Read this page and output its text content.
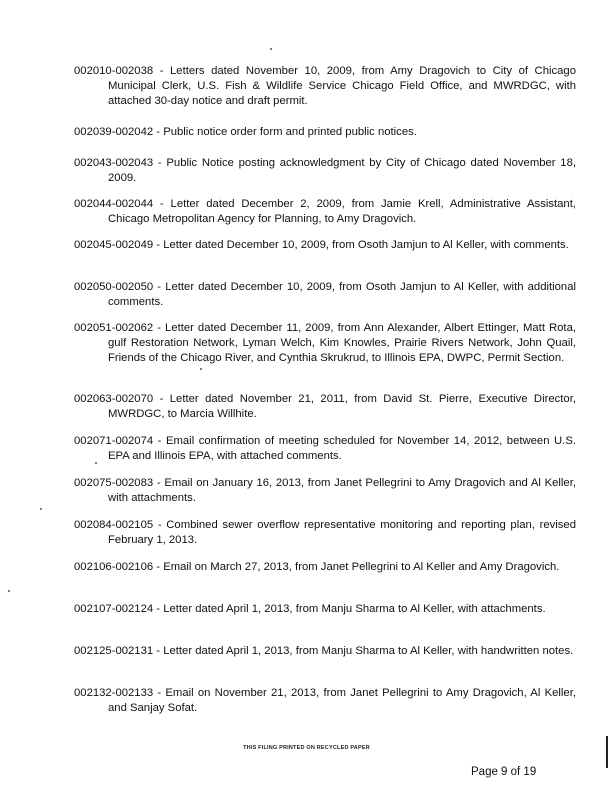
002010-002038 - Letters dated November 10, 2009, from Amy Dragovich to City of Chicago Municipal Clerk, U.S. Fish & Wildlife Service Chicago Field Office, and MWRDGC, with attached 30-day notice and draft permit.

002039-002042 - Public notice order form and printed public notices.

002043-002043 - Public Notice posting acknowledgment by City of Chicago dated November 18, 2009.

002044-002044 - Letter dated December 2, 2009, from Jamie Krell, Administrative Assistant, Chicago Metropolitan Agency for Planning, to Amy Dragovich.

002045-002049 - Letter dated December 10, 2009, from Osoth Jamjun to Al Keller, with comments.

002050-002050 - Letter dated December 10, 2009, from Osoth Jamjun to Al Keller, with additional comments.

002051-002062 - Letter dated December 11, 2009, from Ann Alexander, Albert Ettinger, Matt Rota, gulf Restoration Network, Lyman Welch, Kim Knowles, Prairie Rivers Network, John Quail, Friends of the Chicago River, and Cynthia Skrukrud, to Illinois EPA, DWPC, Permit Section.

002063-002070 - Letter dated November 21, 2011, from David St. Pierre, Executive Director, MWRDGC, to Marcia Willhite.

002071-002074 - Email confirmation of meeting scheduled for November 14, 2012, between U.S. EPA and Illinois EPA, with attached comments.

002075-002083 - Email on January 16, 2013, from Janet Pellegrini to Amy Dragovich and Al Keller, with attachments.

002084-002105 - Combined sewer overflow representative monitoring and reporting plan, revised February 1, 2013.

002106-002106 - Email on March 27, 2013, from Janet Pellegrini to Al Keller and Amy Dragovich.

002107-002124 - Letter dated April 1, 2013, from Manju Sharma to Al Keller, with attachments.

002125-002131 - Letter dated April 1, 2013, from Manju Sharma to Al Keller, with handwritten notes.

002132-002133 - Email on November 21, 2013, from Janet Pellegrini to Amy Dragovich, Al Keller, and Sanjay Sofat.

THIS FILING PRINTED ON RECYCLED PAPER
Page 9 of 19
